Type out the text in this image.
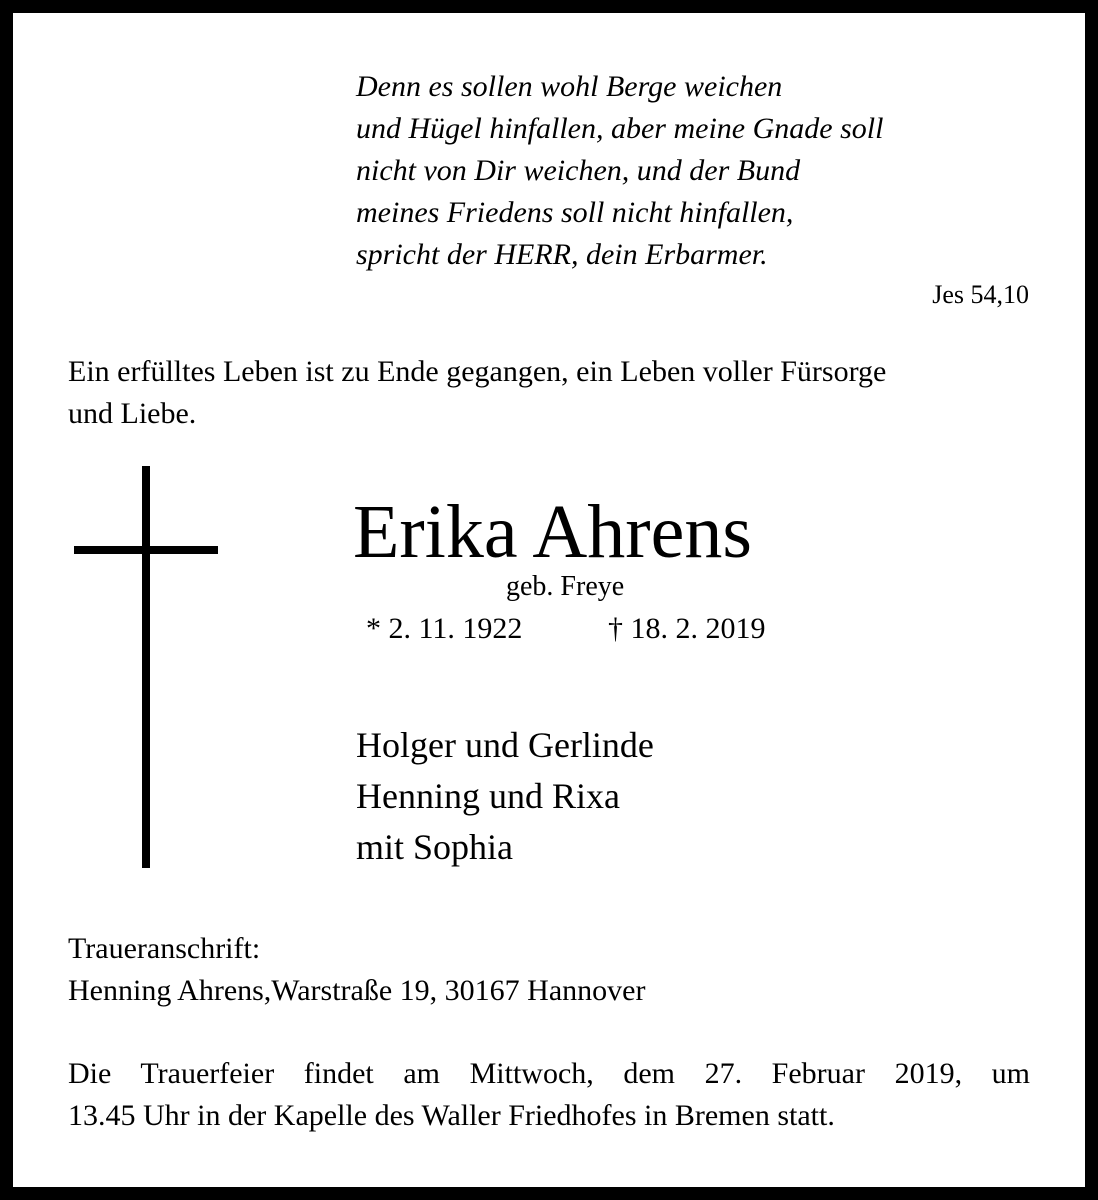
Denn es sollen wohl Berge weichen
und Hügel hinfallen, aber meine Gnade soll
nicht von Dir weichen, und der Bund
meines Friedens soll nicht hinfallen,
spricht der HERR, dein Erbarmer.
Jes 54,10
Ein erfülltes Leben ist zu Ende gegangen, ein Leben voller Fürsorge
und Liebe.
Erika Ahrens
geb. Freye
* 2. 11. 1922	† 18. 2. 2019
Holger und Gerlinde
Henning und Rixa
mit Sophia
Traueranschrift:
Henning Ahrens,Warstraße 19, 30167 Hannover
Die Trauerfeier findet am Mittwoch, dem 27. Februar 2019, um
13.45 Uhr in der Kapelle des Waller Friedhofes in Bremen statt.
